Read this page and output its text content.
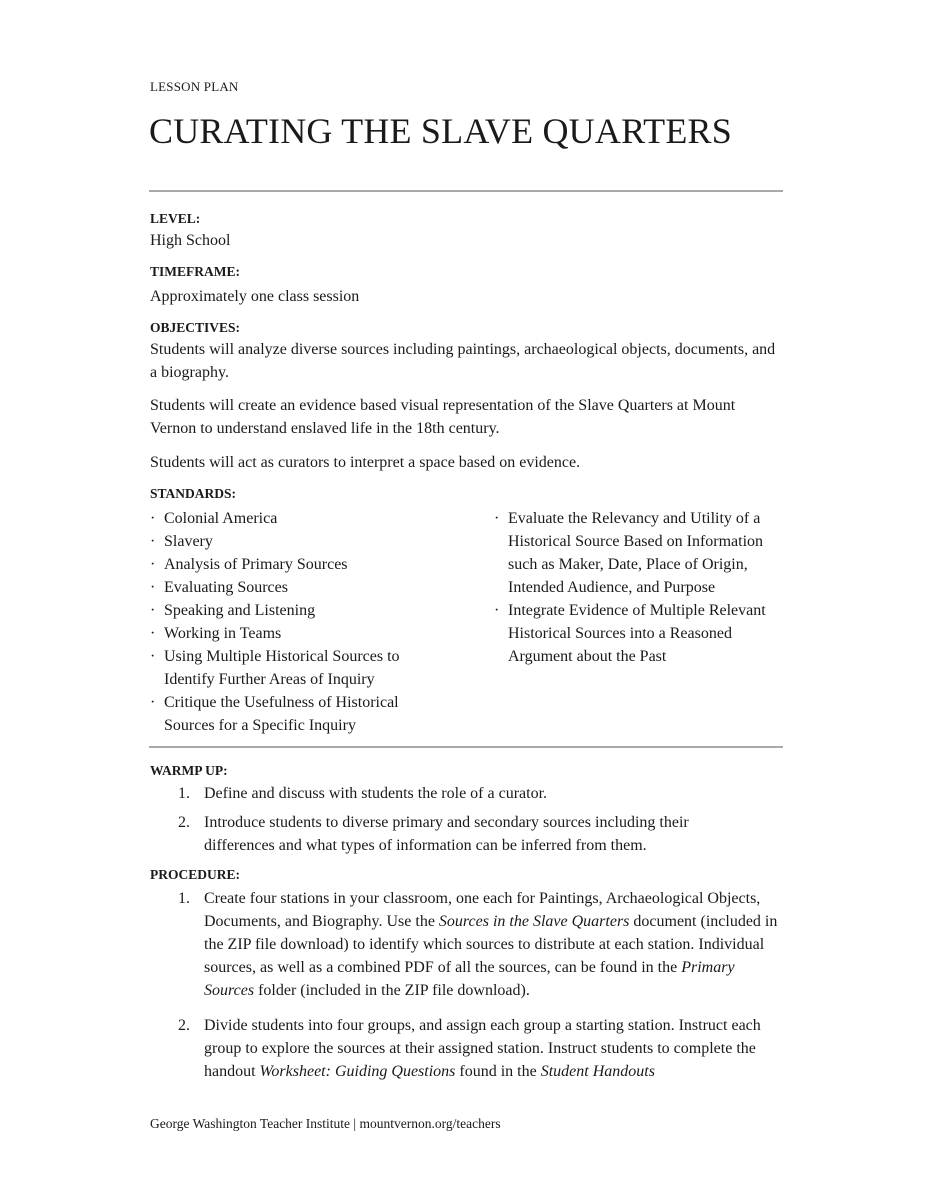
LESSON PLAN
CURATING THE SLAVE QUARTERS
LEVEL:
High School
TIMEFRAME:
Approximately one class session
OBJECTIVES:
Students will analyze diverse sources including paintings, archaeological objects, documents, and a biography.
Students will create an evidence based visual representation of the Slave Quarters at Mount Vernon to understand enslaved life in the 18th century.
Students will act as curators to interpret a space based on evidence.
STANDARDS:
· Colonial America
· Slavery
· Analysis of Primary Sources
· Evaluating Sources
· Speaking and Listening
· Working in Teams
· Using Multiple Historical Sources to Identify Further Areas of Inquiry
· Critique the Usefulness of Historical Sources for a Specific Inquiry
· Evaluate the Relevancy and Utility of a Historical Source Based on Information such as Maker, Date, Place of Origin, Intended Audience, and Purpose
· Integrate Evidence of Multiple Relevant Historical Sources into a Reasoned Argument about the Past
WARMP UP:
1. Define and discuss with students the role of a curator.
2. Introduce students to diverse primary and secondary sources including their differences and what types of information can be inferred from them.
PROCEDURE:
1. Create four stations in your classroom, one each for Paintings, Archaeological Objects, Documents, and Biography. Use the Sources in the Slave Quarters document (included in the ZIP file download) to identify which sources to distribute at each station. Individual sources, as well as a combined PDF of all the sources, can be found in the Primary Sources folder (included in the ZIP file download).
2. Divide students into four groups, and assign each group a starting station. Instruct each group to explore the sources at their assigned station. Instruct students to complete the handout Worksheet: Guiding Questions found in the Student Handouts
George Washington Teacher Institute | mountvernon.org/teachers
